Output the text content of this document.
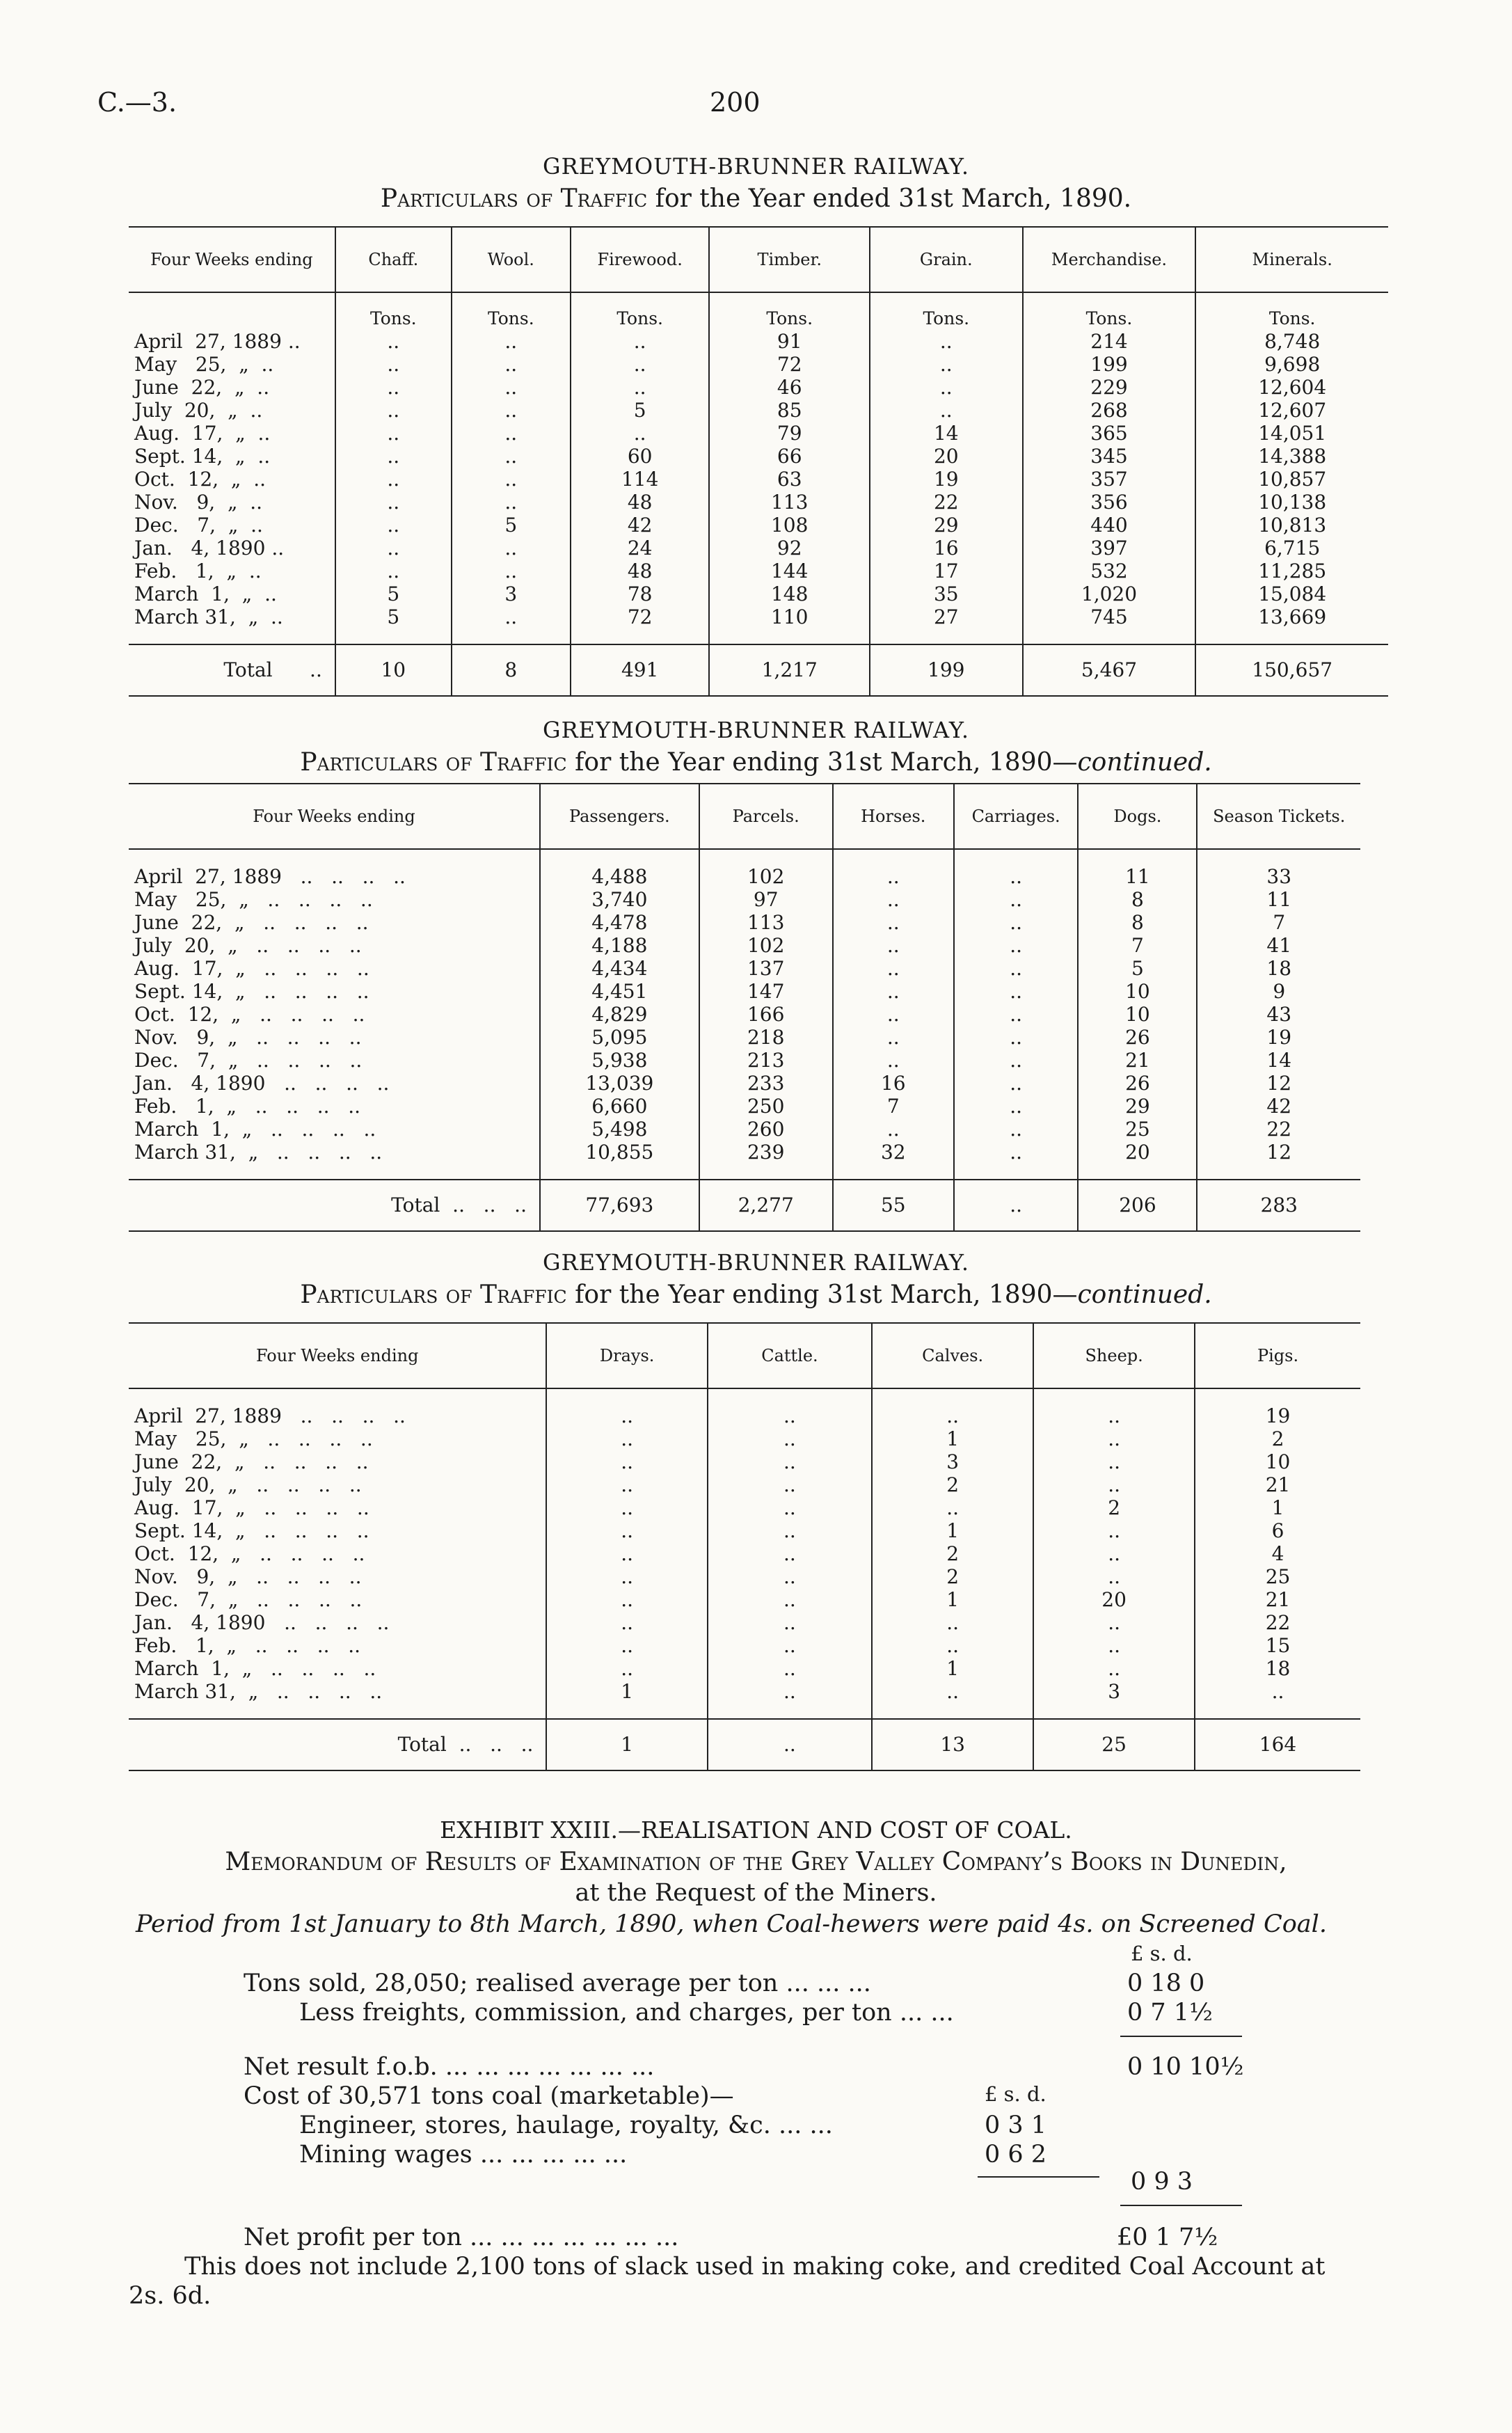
C.—3.	200
GREYMOUTH-BRUNNER RAILWAY.
Particulars of Traffic for the Year ended 31st March, 1890.
Four Weeks ending	Chaff.	Wool.	Firewood.	Timber.	Grain.	Merchandise.	Minerals.
	Tons.	Tons.	Tons.	Tons.	Tons.	Tons.	Tons.
April  27, 1889 ..	..	..	..	91	..	214	8,748
May   25,  „  ..	..	..	..	72	..	199	9,698
June  22,  „  ..	..	..	..	46	..	229	12,604
July  20,  „  ..	..	..	5	85	..	268	12,607
Aug.  17,  „  ..	..	..	..	79	14	365	14,051
Sept. 14,  „  ..	..	..	60	66	20	345	14,388
Oct.  12,  „  ..	..	..	114	63	19	357	10,857
Nov.   9,  „  ..	..	..	48	113	22	356	10,138
Dec.   7,  „  ..	..	5	42	108	29	440	10,813
Jan.   4, 1890 ..	..	..	24	92	16	397	6,715
Feb.   1,  „  ..	..	..	48	144	17	532	11,285
March  1,  „  ..	5	3	78	148	35	1,020	15,084
March 31,  „  ..	5	..	72	110	27	745	13,669
Total      ..	10	8	491	1,217	199	5,467	150,657
GREYMOUTH-BRUNNER RAILWAY.
Particulars of Traffic for the Year ending 31st March, 1890—continued.
Four Weeks ending	Passengers.	Parcels.	Horses.	Carriages.	Dogs.	Season Tickets.
April  27, 1889   ..   ..   ..   ..	4,488	102	..	..	11	33
May   25,  „   ..   ..   ..   ..	3,740	97	..	..	8	11
June  22,  „   ..   ..   ..   ..	4,478	113	..	..	8	7
July  20,  „   ..   ..   ..   ..	4,188	102	..	..	7	41
Aug.  17,  „   ..   ..   ..   ..	4,434	137	..	..	5	18
Sept. 14,  „   ..   ..   ..   ..	4,451	147	..	..	10	9
Oct.  12,  „   ..   ..   ..   ..	4,829	166	..	..	10	43
Nov.   9,  „   ..   ..   ..   ..	5,095	218	..	..	26	19
Dec.   7,  „   ..   ..   ..   ..	5,938	213	..	..	21	14
Jan.   4, 1890   ..   ..   ..   ..	13,039	233	16	..	26	12
Feb.   1,  „   ..   ..   ..   ..	6,660	250	7	..	29	42
March  1,  „   ..   ..   ..   ..	5,498	260	..	..	25	22
March 31,  „   ..   ..   ..   ..	10,855	239	32	..	20	12
Total  ..   ..   ..	77,693	2,277	55	..	206	283
GREYMOUTH-BRUNNER RAILWAY.
Particulars of Traffic for the Year ending 31st March, 1890—continued.
Four Weeks ending	Drays.	Cattle.	Calves.	Sheep.	Pigs.
April  27, 1889   ..   ..   ..   ..	..	..	..	..	19
May   25,  „   ..   ..   ..   ..	..	..	1	..	2
June  22,  „   ..   ..   ..   ..	..	..	3	..	10
July  20,  „   ..   ..   ..   ..	..	..	2	..	21
Aug.  17,  „   ..   ..   ..   ..	..	..	..	2	1
Sept. 14,  „   ..   ..   ..   ..	..	..	1	..	6
Oct.  12,  „   ..   ..   ..   ..	..	..	2	..	4
Nov.   9,  „   ..   ..   ..   ..	..	..	2	..	25
Dec.   7,  „   ..   ..   ..   ..	..	..	1	20	21
Jan.   4, 1890   ..   ..   ..   ..	..	..	..	..	22
Feb.   1,  „   ..   ..   ..   ..	..	..	..	..	15
March  1,  „   ..   ..   ..   ..	..	..	1	..	18
March 31,  „   ..   ..   ..   ..	1	..	..	3	..
Total  ..   ..   ..	1	..	13	25	164
EXHIBIT XXIII.—REALISATION AND COST OF COAL.
Memorandum of Results of Examination of the Grey Valley Company’s Books in Dunedin,
at the Request of the Miners.
Period from 1st January to 8th March, 1890, when Coal-hewers were paid 4s. on Screened Coal.
£ s. d.
Tons sold, 28,050; realised average per ton ... ... ...	0 18 0
Less freights, commission, and charges, per ton ... ...	0 7 1½
Net result f.o.b. ... ... ... ... ... ... ...	0 10 10½
Cost of 30,571 tons coal (marketable)—	£ s. d.
Engineer, stores, haulage, royalty, &c. ... ...	0 3 1
Mining wages ... ... ... ... ...	0 6 2
0 9 3
Net profit per ton ... ... ... ... ... ... ...	£0 1 7½
This does not include 2,100 tons of slack used in making coke, and credited Coal Account at
2s. 6d.
